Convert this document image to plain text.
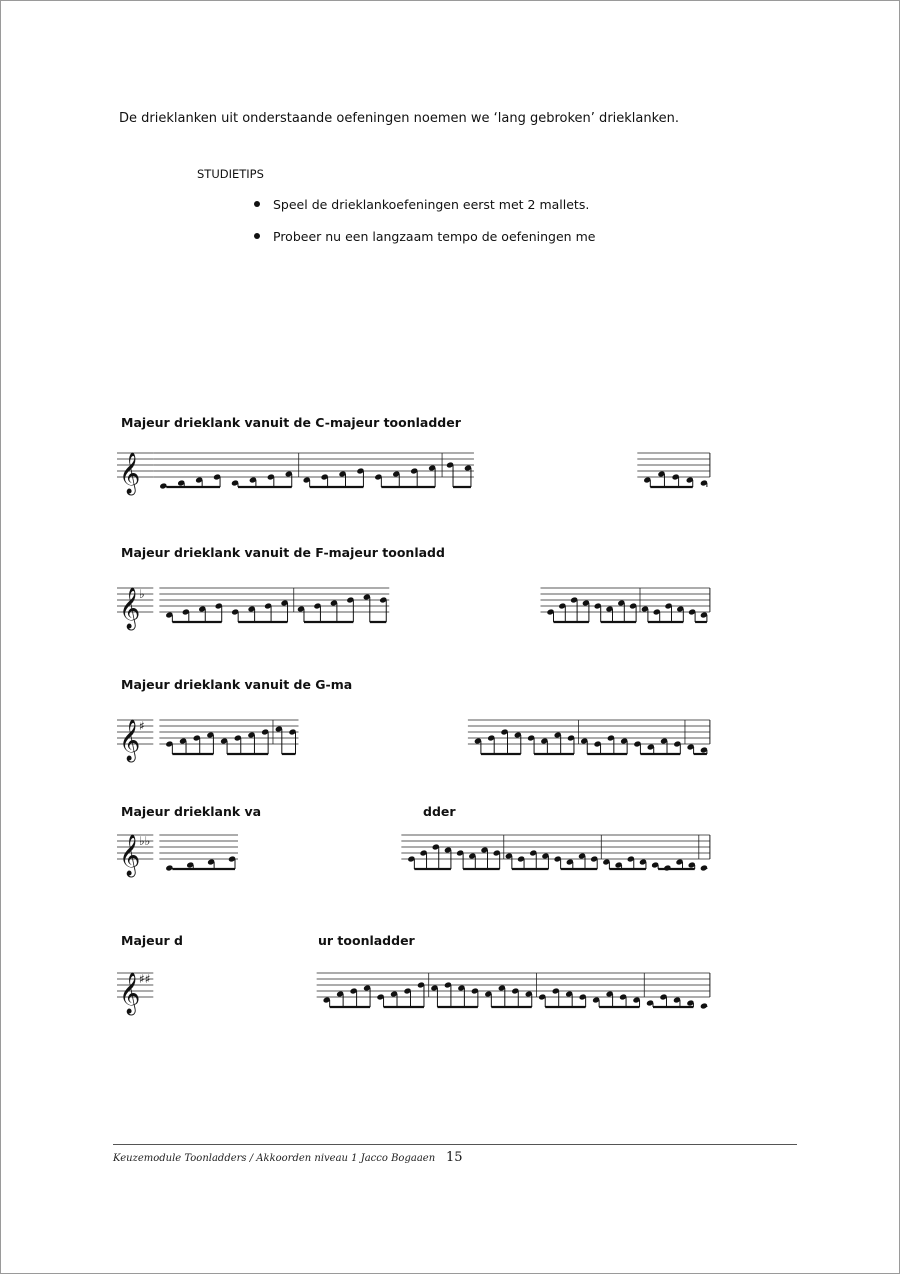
De drieklanken uit onderstaande oefeningen noemen we ‘lang gebroken’ drieklanken.
STUDIETIPS
Speel de drieklankoefeningen eerst met 2 mallets.
Probeer nu een langzaam tempo de oefeningen me
Majeur drieklank vanuit de C-majeur toonladder
𝄞
Majeur drieklank vanuit de F-majeur toonladd
𝄞
♭
Majeur drieklank vanuit de G-ma
𝄞
♯
Majeur drieklank va	dder
𝄞
♭♭
Majeur d	ur toonladder
𝄞
♯♯
Keuzemodule Toonladders / Akkoorden niveau 1 Jacco Bogaaen 15
